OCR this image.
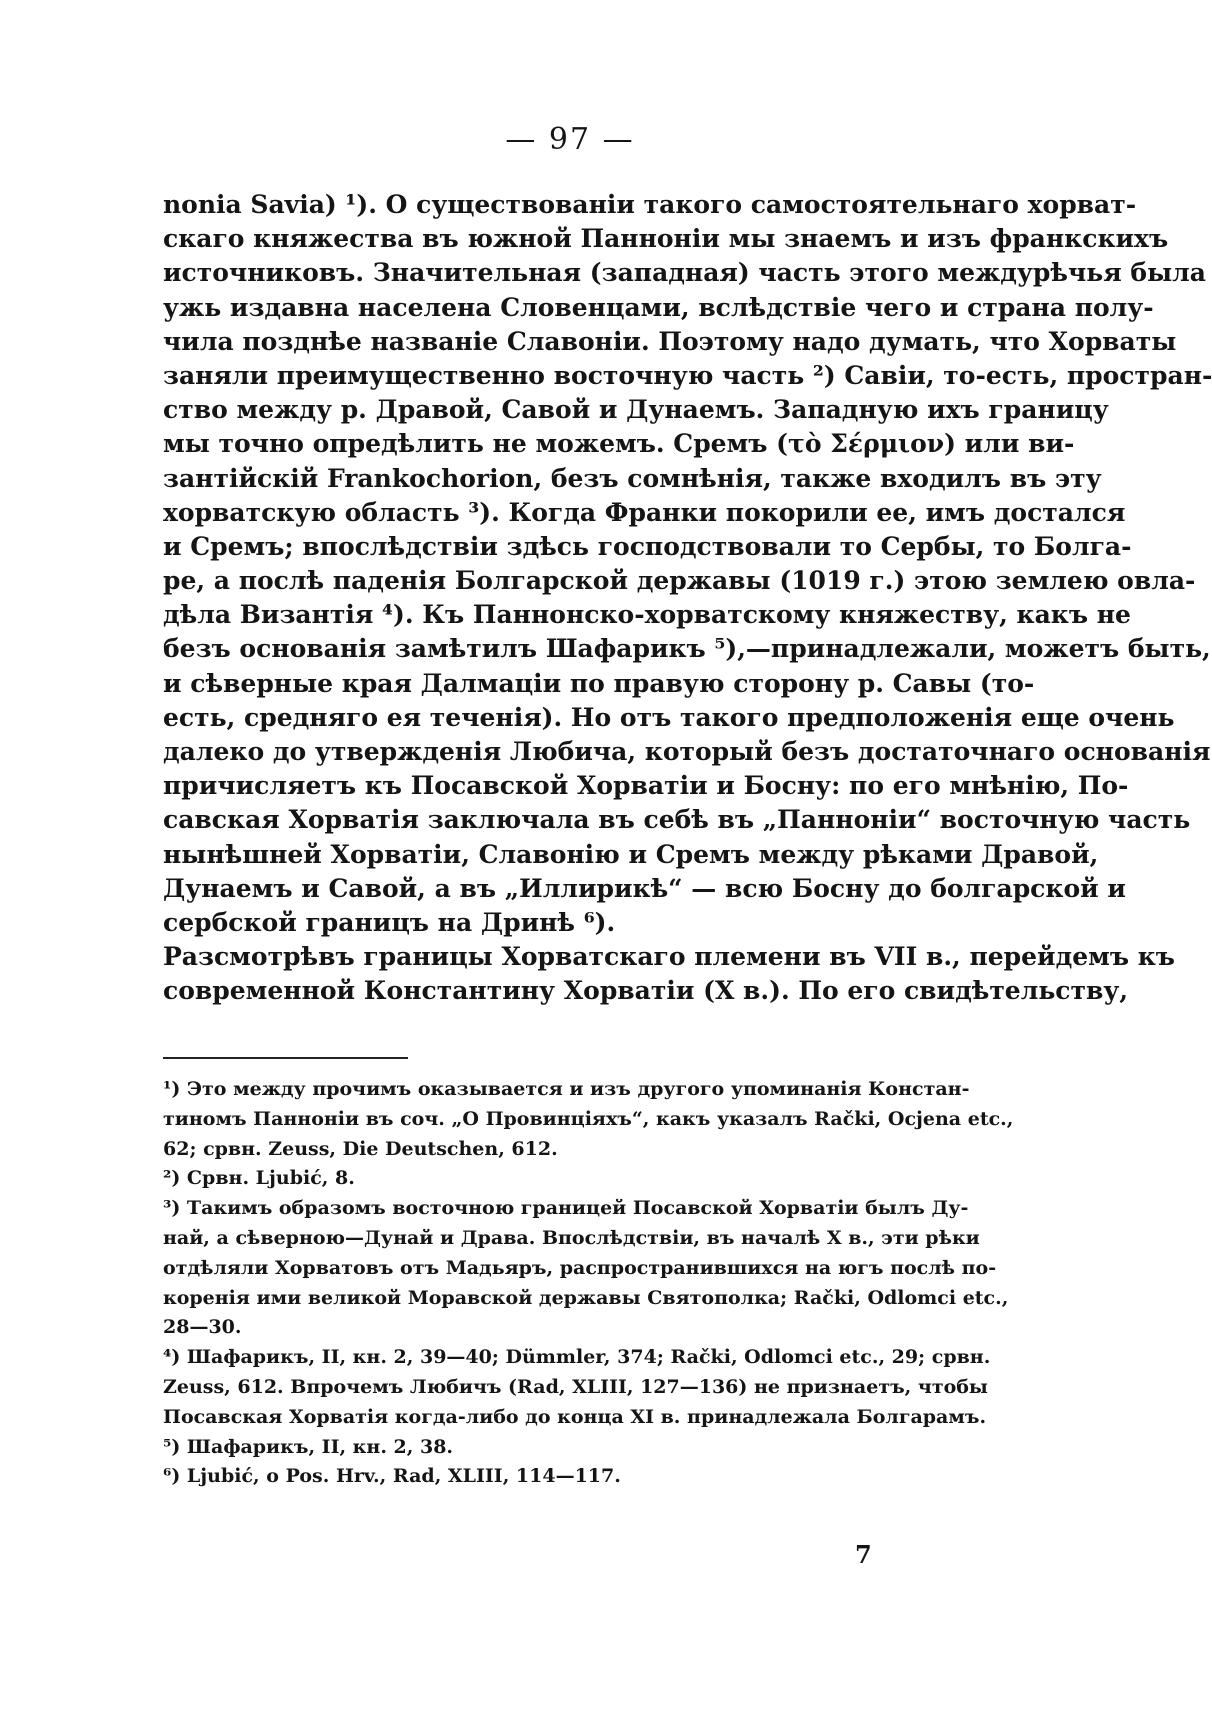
— 97 —
nonia Savia) ¹). О существованіи такого самостоятельнаго хорват-
скаго княжества въ южной Паннонiи мы знаемъ и изъ франкскихъ
источниковъ. Значительная (западная) часть этого междурѣчья была
ужь издавна населена Словенцами, вслѣдствіе чего и страна полу-
чила позднѣе названіе Славоніи. Поэтому надо думать, что Хорваты
заняли преимущественно восточную часть ²) Савіи, то-есть, простран-
ство между р. Дравой, Савой и Дунаемъ. Западную ихъ границу
мы точно опредѣлить не можемъ. Сремъ (τὸ Σέρμιον) или ви-
зантійскій Frankochorion, безъ сомнѣнія, также входилъ въ эту
хорватскую область ³). Когда Франки покорили ее, имъ достался
и Сремъ; впослѣдствіи здѣсь господствовали то Сербы, то Болга-
ре, а послѣ паденія Болгарской державы (1019 г.) этою землею овла-
дѣла Византія ⁴). Къ Паннонско-хорватскому княжеству, какъ не
безъ основанія замѣтилъ Шафарикъ ⁵),—принадлежали, можетъ быть,
и сѣверные края Далмаціи по правую сторону р. Савы (то-
есть, средняго ея теченія). Но отъ такого предположенія еще очень
далеко до утвержденія Любича, который безъ достаточнаго основанія
причисляетъ къ Посавской Хорватіи и Босну: по его мнѣнію, По-
савская Хорватія заключала въ себѣ въ „Панноніи“ восточную часть
нынѣшней Хорватіи, Славонію и Сремъ между рѣками Дравой,
Дунаемъ и Савой, а въ „Иллирикѣ“ — всю Босну до болгарской и
сербской границъ на Дринѣ ⁶).
Разсмотрѣвъ границы Хорватскаго племени въ VII в., перейдемъ къ
современной Константину Хорватіи (X в.). По его свидѣтельству,
¹) Это между прочимъ оказывается и изъ другого упоминанія Констан-
тиномъ Панноніи въ соч. „О Провинціяхъ“, какъ указалъ Rački, Ocjena etc.,
62; срвн. Zeuss, Die Deutschen, 612.
²) Срвн. Ljubić, 8.
³) Такимъ образомъ восточною границей Посавской Хорватіи былъ Ду-
най, а сѣверною—Дунай и Драва. Впослѣдствіи, въ началѣ X в., эти рѣки
отдѣляли Хорватовъ отъ Мадьяръ, распространившихся на югъ послѣ по-
коренія ими великой Моравской державы Святополка; Rački, Odlomci etc.,
28—30.
⁴) Шафарикъ, II, кн. 2, 39—40; Dümmler, 374; Rački, Odlomci etc., 29; срвн.
Zeuss, 612. Впрочемъ Любичъ (Rad, XLIII, 127—136) не признаетъ, чтобы
Посавская Хорватія когда-либо до конца XI в. принадлежала Болгарамъ.
⁵) Шафарикъ, II, кн. 2, 38.
⁶) Ljubić, o Pos. Hrv., Rad, XLIII, 114—117.
7
